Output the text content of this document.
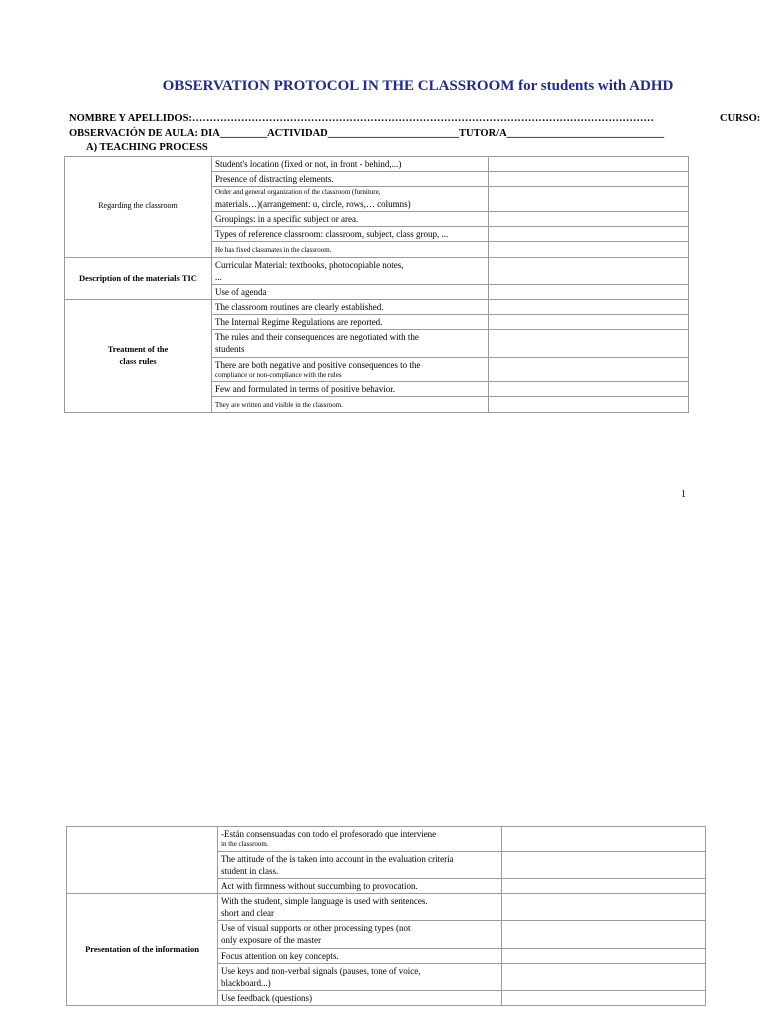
OBSERVATION PROTOCOL IN THE CLASSROOM for students with ADHD
NOMBRE Y APELLIDOS:……………………………………………………………………………………………………………………	CURSO:
OBSERVACIÓN DE AULA: DIA_________ACTIVIDAD_________________________TUTOR/A______________________________
A) TEACHING PROCESS
Regarding the classroom	Student's location (fixed or not, in front - behind,...)	
	Presence of distracting elements.	

	Order and general organization of the classroom (furniture,
materials…)(arrangement: u, circle, rows,… columns)	

	Groupings: in a specific subject or area.	
	Types of reference classroom: classroom, subject, class group, ...	
	He has fixed classmates in the classroom.	
Description of the materials TIC	Curricular Material: textbooks, photocopiable notes,
...	

	Use of agenda	

Treatment of the
class rules	The classroom routines are clearly established.	
	The Internal Regime Regulations are reported.	

	The rules and their consequences are negotiated with the
students	

	There are both negative and positive consequences to the
compliance or non-compliance with the rules	

	Few and formulated in terms of positive behavior.	
	They are written and visible in the classroom.	
1

	-Están consensuadas con todo el profesorado que interviene
in the classroom.	

	The attitude of the is taken into account in the evaluation criteria
student in class.	

	Act with firmness without succumbing to provocation.	
Presentation of the information	With the student, simple language is used with sentences.
short and clear	

	Use of visual supports or other processing types (not
only exposure of the master	

	Focus attention on key concepts.	

	Use keys and non-verbal signals (pauses, tone of voice,
blackboard...)	

	Use feedback (questions)	
